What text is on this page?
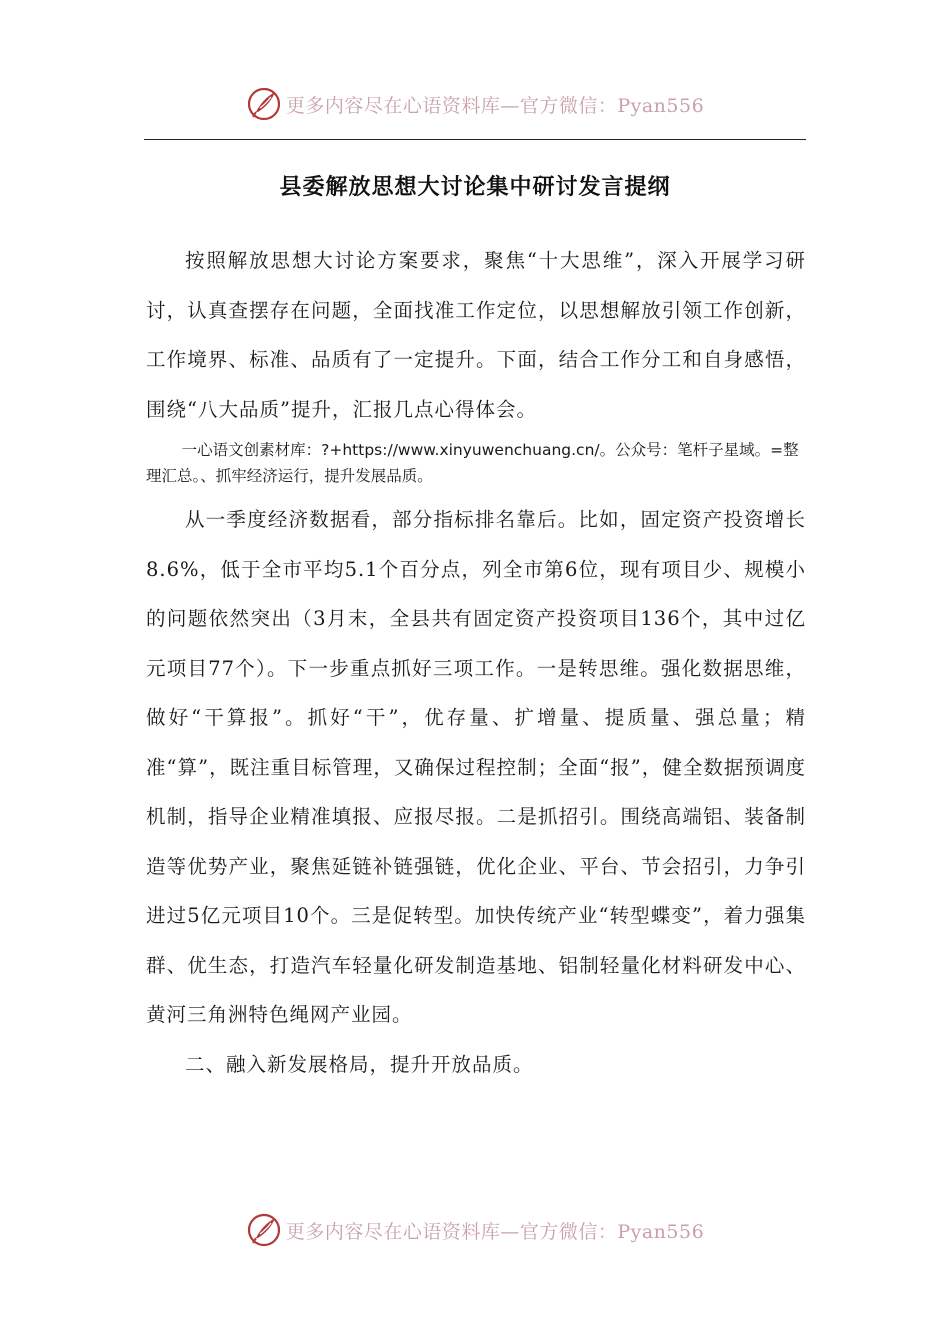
更多内容尽在心语资料库—官方微信：Pyan556
县委解放思想大讨论集中研讨发言提纲

按照解放思想大讨论方案要求，聚焦“十大思维”，深入开展学习研讨，认真查摆存在问题，全面找准工作定位，以思想解放引领工作创新，工作境界、标准、品质有了一定提升。下面，结合工作分工和自身感悟，围绕“八大品质”提升，汇报几点心得体会。

一心语文创素材库：?+https://www.xinyuwenchuang.cn/。公众号：笔杆子星域。=整理汇总。、抓牢经济运行，提升发展品质。

从一季度经济数据看，部分指标排名靠后。比如，固定资产投资增长8.6%，低于全市平均5.1个百分点，列全市第6位，现有项目少、规模小的问题依然突出（3月末，全县共有固定资产投资项目136个，其中过亿元项目77个）。下一步重点抓好三项工作。一是转思维。强化数据思维，做好“干算报”。抓好“干”，优存量、扩增量、提质量、强总量；精准“算”，既注重目标管理，又确保过程控制；全面“报”，健全数据预调度机制，指导企业精准填报、应报尽报。二是抓招引。围绕高端铝、装备制造等优势产业，聚焦延链补链强链，优化企业、平台、节会招引，力争引进过5亿元项目10个。三是促转型。加快传统产业“转型蝶变”，着力强集群、优生态，打造汽车轻量化研发制造基地、铝制轻量化材料研发中心、黄河三角洲特色绳网产业园。

二、融入新发展格局，提升开放品质。

更多内容尽在心语资料库—官方微信：Pyan556
